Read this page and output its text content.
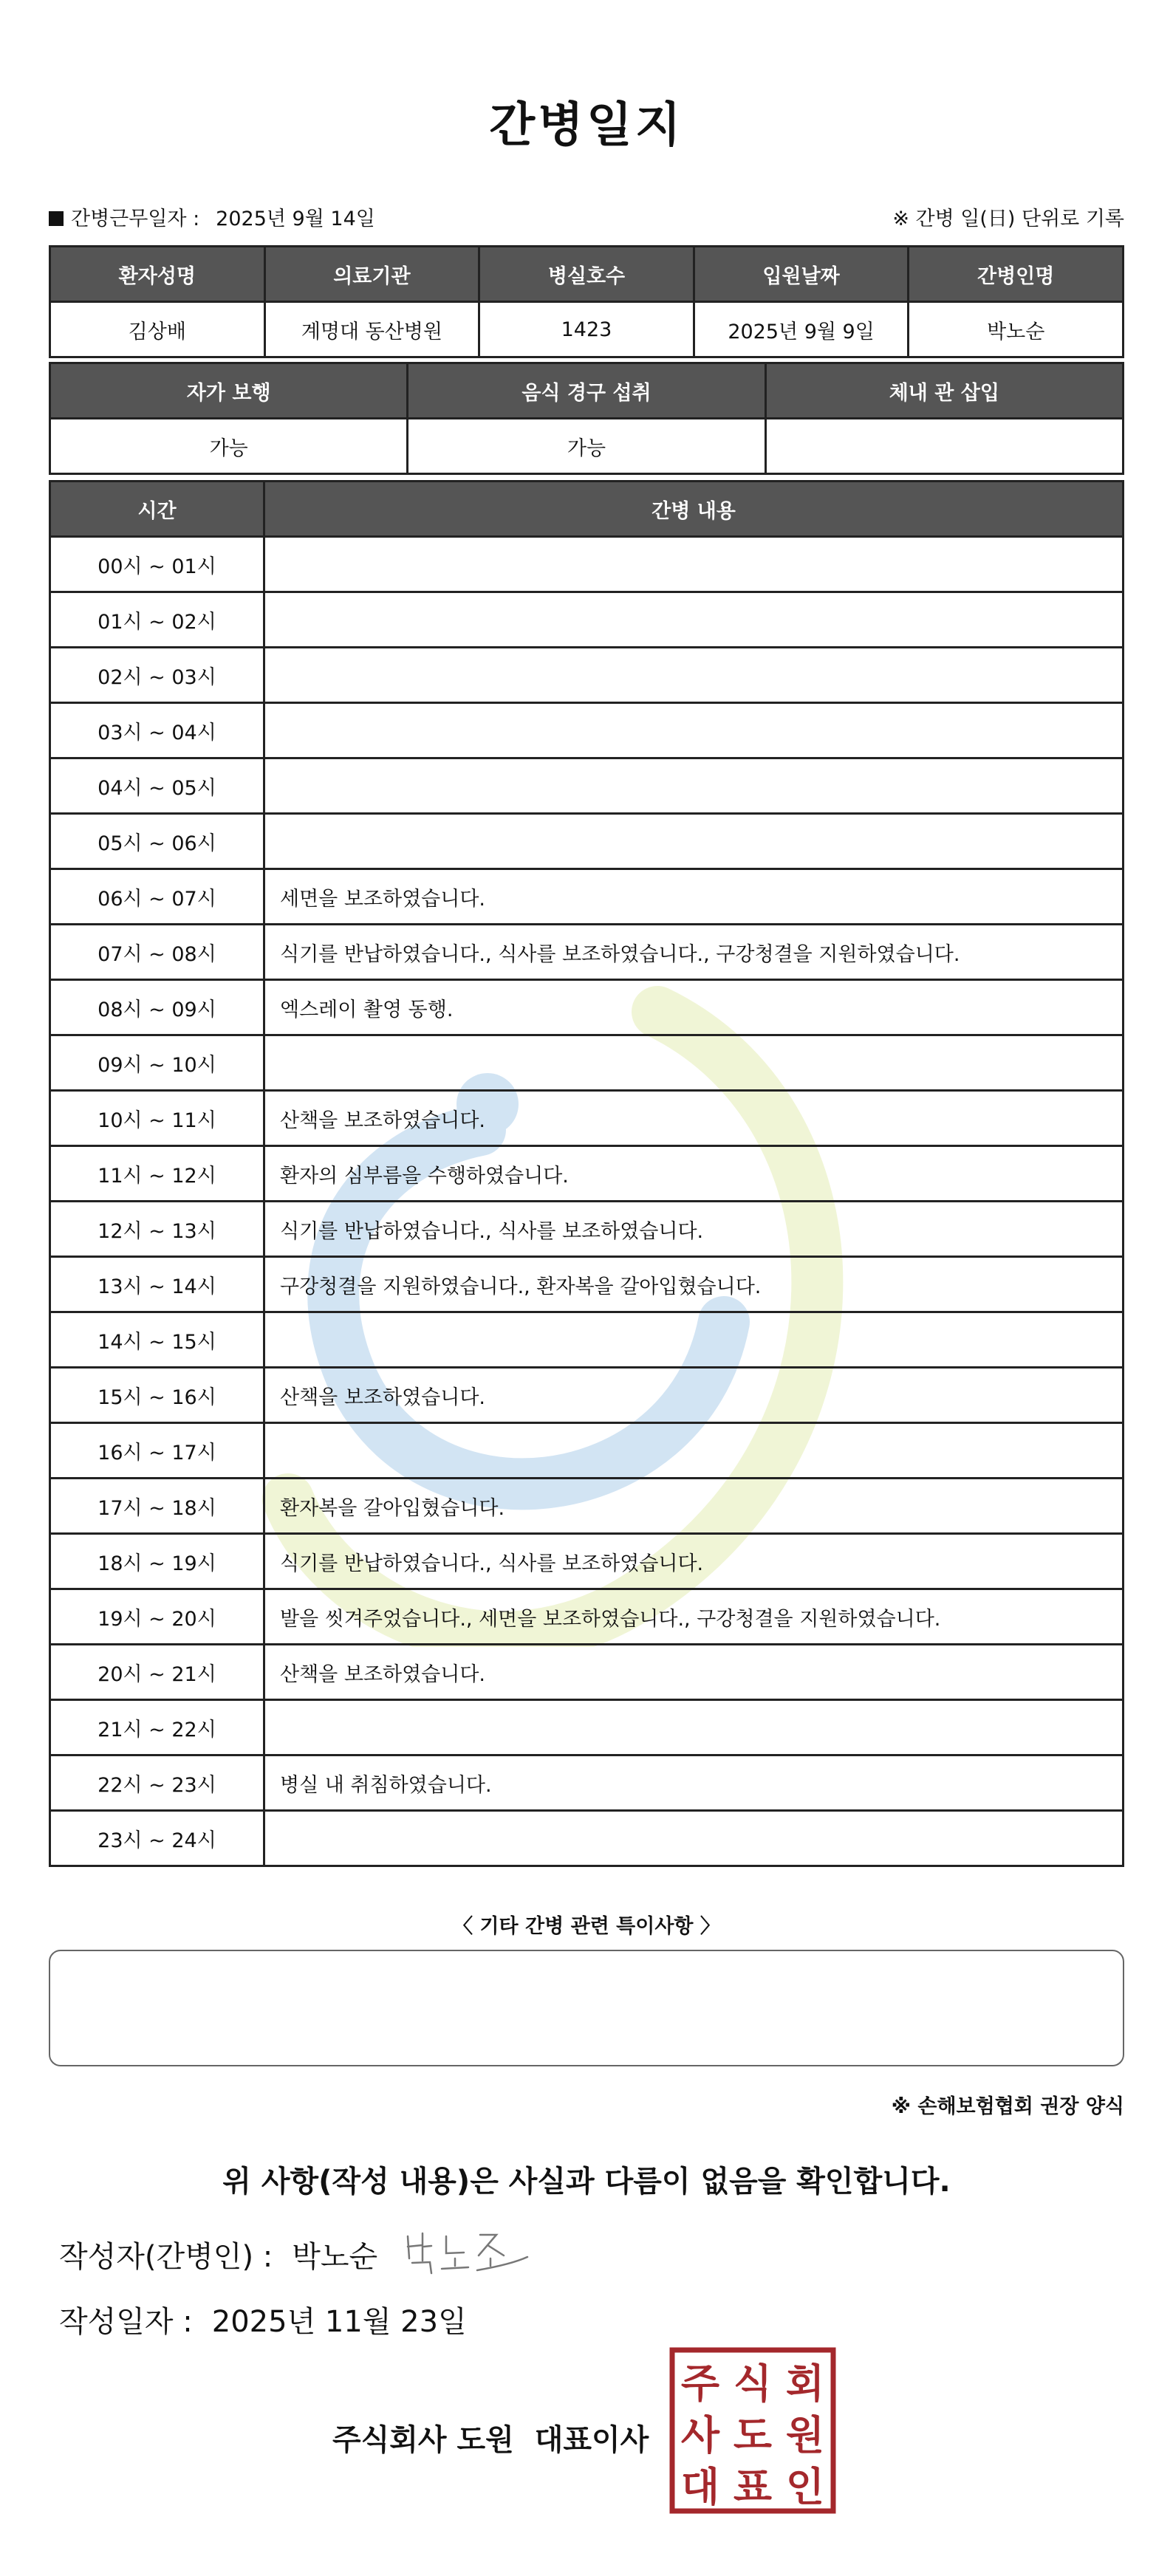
간병일지
간병근무일자 : 2025년 9월 14일	※ 간병 일(日) 단위로 기록
환자성명	의료기관	병실호수	입원날짜	간병인명
김상배	계명대 동산병원	1423	2025년 9월 9일	박노순
자가 보행	음식 경구 섭취	체내 관 삽입
가능	가능	
시간	간병 내용
00시 ~ 01시	
01시 ~ 02시	
02시 ~ 03시	
03시 ~ 04시	
04시 ~ 05시	
05시 ~ 06시	
06시 ~ 07시	세면을 보조하였습니다.
07시 ~ 08시	식기를 반납하였습니다., 식사를 보조하였습니다., 구강청결을 지원하였습니다.
08시 ~ 09시	엑스레이 촬영 동행.
09시 ~ 10시	
10시 ~ 11시	산책을 보조하였습니다.
11시 ~ 12시	환자의 심부름을 수행하였습니다.
12시 ~ 13시	식기를 반납하였습니다., 식사를 보조하였습니다.
13시 ~ 14시	구강청결을 지원하였습니다., 환자복을 갈아입혔습니다.
14시 ~ 15시	
15시 ~ 16시	산책을 보조하였습니다.
16시 ~ 17시	
17시 ~ 18시	환자복을 갈아입혔습니다.
18시 ~ 19시	식기를 반납하였습니다., 식사를 보조하였습니다.
19시 ~ 20시	발을 씻겨주었습니다., 세면을 보조하였습니다., 구강청결을 지원하였습니다.
20시 ~ 21시	산책을 보조하였습니다.
21시 ~ 22시	
22시 ~ 23시	병실 내 취침하였습니다.
23시 ~ 24시	
〈 기타 간병 관련 특이사항 〉
※ 손해보험협회 권장 양식
위 사항(작성 내용)은 사실과 다름이 없음을 확인합니다.
작성자(간병인) : 박노순
작성일자 : 2025년 11월 23일
주식회사 도원 대표이사
주 식 회
사 도 원
대 표 인
